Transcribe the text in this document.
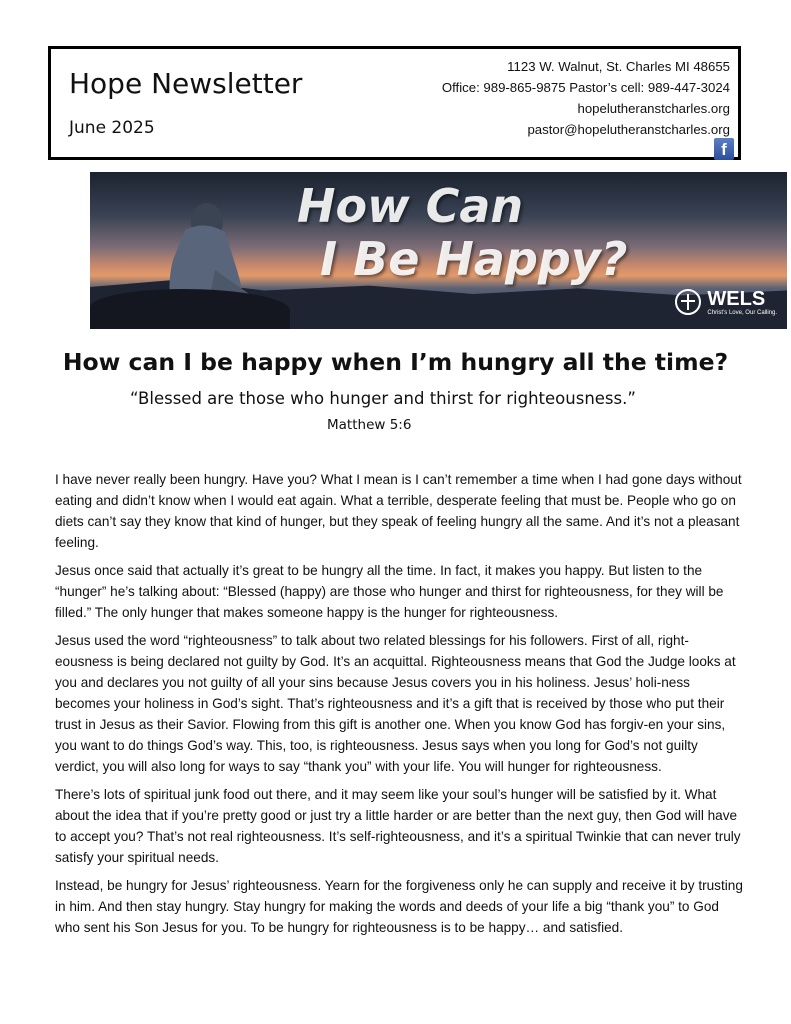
Hope Newsletter
June 2025
1123 W. Walnut, St. Charles MI 48655
Office: 989-865-9875 Pastor’s cell: 989-447-3024
hopelutheranstcharles.org
pastor@hopelutheranstcharles.org
f
How Can
I Be Happy?
WELS
Christ’s Love, Our Calling.
How can I be happy when I’m hungry all the time?
“Blessed are those who hunger and thirst for righteousness.”
Matthew 5:6

I have never really been hungry. Have you? What I mean is I can’t remember a time when I had gone days without eating and didn’t know when I would eat again. What a terrible, desperate feeling that must be. People who go on diets can’t say they know that kind of hunger, but they speak of feeling hungry all the same. And it’s not a pleasant feeling.

Jesus once said that actually it’s great to be hungry all the time. In fact, it makes you happy. But listen to the “hunger” he’s talking about: “Blessed (happy) are those who hunger and thirst for righteousness, for they will be filled.” The only hunger that makes someone happy is the hunger for righteousness.

Jesus used the word “righteousness” to talk about two related blessings for his followers. First of all, right-eousness is being declared not guilty by God. It’s an acquittal. Righteousness means that God the Judge looks at you and declares you not guilty of all your sins because Jesus covers you in his holiness. Jesus’ holi-ness becomes your holiness in God’s sight. That’s righteousness and it’s a gift that is received by those who put their trust in Jesus as their Savior. Flowing from this gift is another one. When you know God has forgiv-en your sins, you want to do things God’s way. This, too, is righteousness. Jesus says when you long for God’s not guilty verdict, you will also long for ways to say “thank you” with your life. You will hunger for righteousness.

There’s lots of spiritual junk food out there, and it may seem like your soul’s hunger will be satisfied by it. What about the idea that if you’re pretty good or just try a little harder or are better than the next guy, then God will have to accept you? That’s not real righteousness. It’s self-righteousness, and it’s a spiritual Twinkie that can never truly satisfy your spiritual needs.

Instead, be hungry for Jesus’ righteousness. Yearn for the forgiveness only he can supply and receive it by trusting in him. And then stay hungry. Stay hungry for making the words and deeds of your life a big “thank you” to God who sent his Son Jesus for you. To be hungry for righteousness is to be happy… and satisfied.
